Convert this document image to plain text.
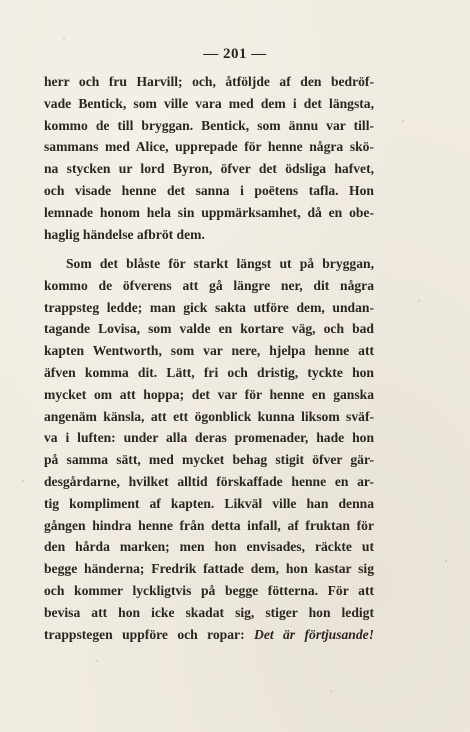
— 201 —
herr och fru Harvill; och, åtföljde af den bedröf-
vade Bentick, som ville vara med dem i det längsta,
kommo de till bryggan. Bentick, som ännu var till-
sammans med Alice, upprepade för henne några skö-
na stycken ur lord Byron, öfver det ödsliga hafvet,
och visade henne det sanna i poëtens tafla. Hon
lemnade honom hela sin uppmärksamhet, då en obe-
haglig händelse afbröt dem.
Som det blåste för starkt längst ut på bryggan,
kommo de öfverens att gå längre ner, dit några
trappsteg ledde; man gick sakta utföre dem, undan-
tagande Lovisa, som valde en kortare väg, och bad
kapten Wentworth, som var nere, hjelpa henne att
äfven komma dit. Lätt, fri och dristig, tyckte hon
mycket om att hoppa; det var för henne en ganska
angenäm känsla, att ett ögonblick kunna liksom sväf-
va i luften: under alla deras promenader, hade hon
på samma sätt, med mycket behag stigit öfver gär-
desgårdarne, hvilket alltid förskaffade henne en ar-
tig kompliment af kapten. Likväl ville han denna
gången hindra henne från detta infall, af fruktan för
den hårda marken; men hon envisades, räckte ut
begge händerna; Fredrik fattade dem, hon kastar sig
och kommer lyckligtvis på begge fötterna. För att
bevisa att hon icke skadat sig, stiger hon ledigt
trappstegen uppföre och ropar: Det är förtjusande!
